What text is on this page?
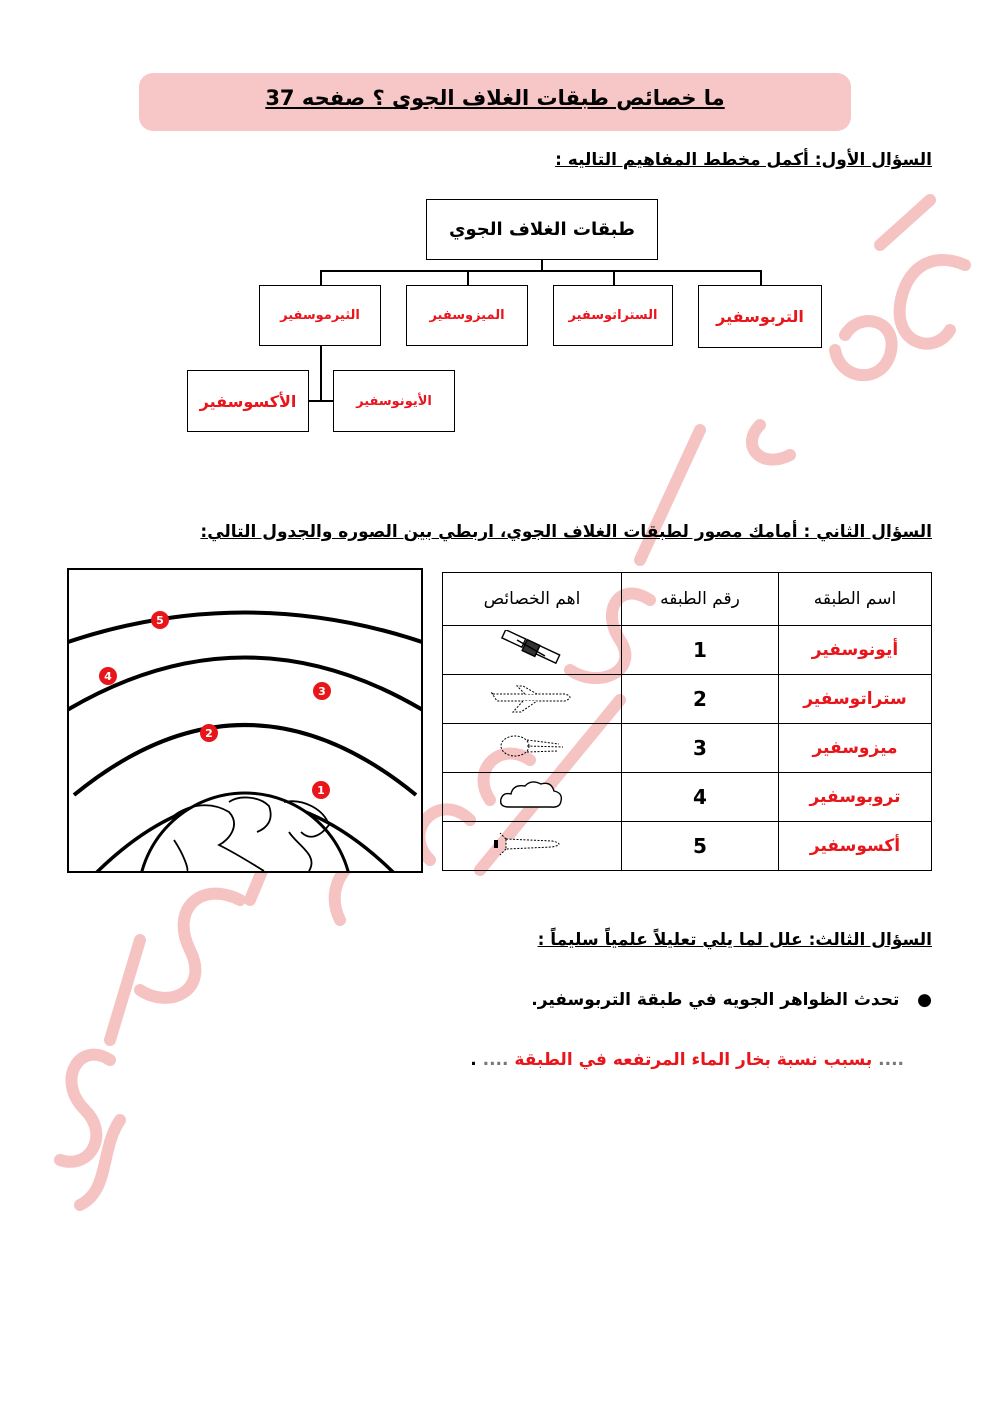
ما خصائص طبقات الغلاف الجوى ؟ صفحه 37
السؤال الأول: أكمل مخطط المفاهيم التاليه :
طبقات الغلاف الجوي
التربوسفير
الستراتوسفير
الميزوسفير
الثيرموسفير
الأيونوسفير
الأكسوسفير
السؤال الثاني : أمامك مصور لطبقات الغلاف الجوي، اربطي بين الصوره والجدول التالي:
1
2
3
4
5
اسم الطبقه	رقم الطبقه	اهم الخصائص
أيونوسفير	1	
ستراتوسفير	2	
ميزوسفير	3	
تروبوسفير	4	
أكسوسفير	5	
السؤال الثالث: علل لما يلي تعليلاً علمياً سليماً :
●   تحدث الظواهر الجويه في طبقة التربوسفير.
.... بسبب نسبة بخار الماء المرتفعه في الطبقة .... .
